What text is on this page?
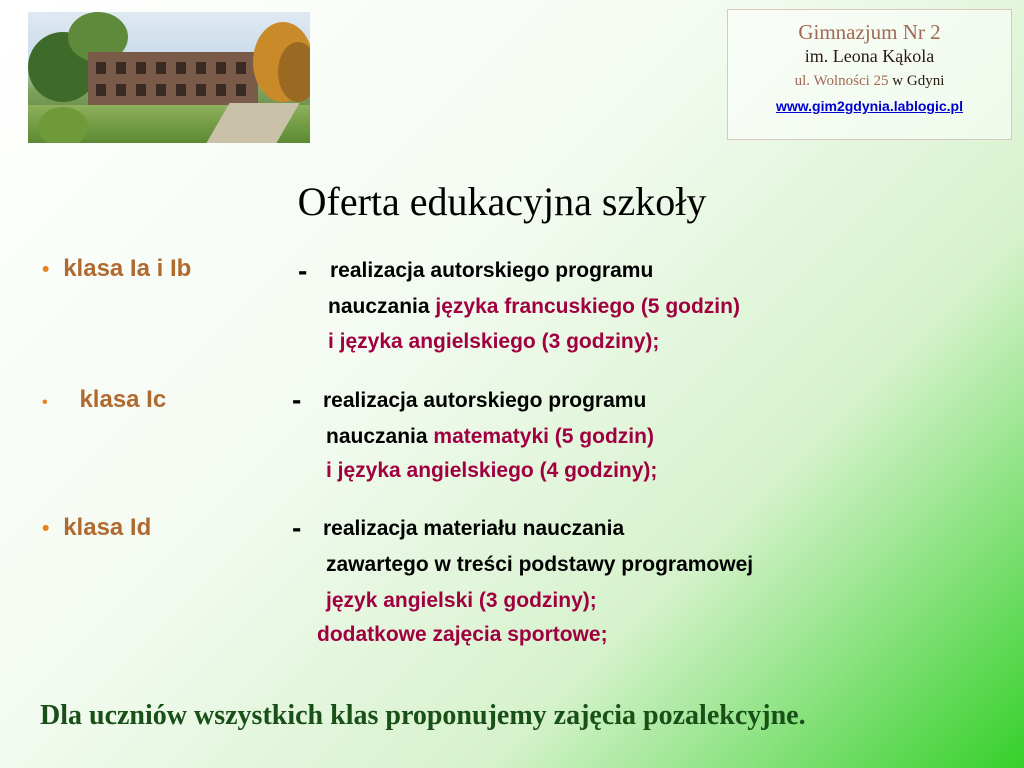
Gimnazjum Nr 2
im. Leona Kąkola
ul. Wolności 25 w Gdyni
www.gim2gdynia.lablogic.pl
Oferta edukacyjna szkoły
• klasa Ia i Ib	- realizacja autorskiego programu
nauczania języka francuskiego (5 godzin)
i języka angielskiego (3 godziny);
• klasa Ic	- realizacja autorskiego programu
nauczania matematyki (5 godzin)
i języka angielskiego (4 godziny);
• klasa Id	- realizacja materiału nauczania
zawartego w treści podstawy programowej
język angielski (3 godziny);
dodatkowe zajęcia sportowe;
Dla uczniów wszystkich klas proponujemy zajęcia pozalekcyjne.
